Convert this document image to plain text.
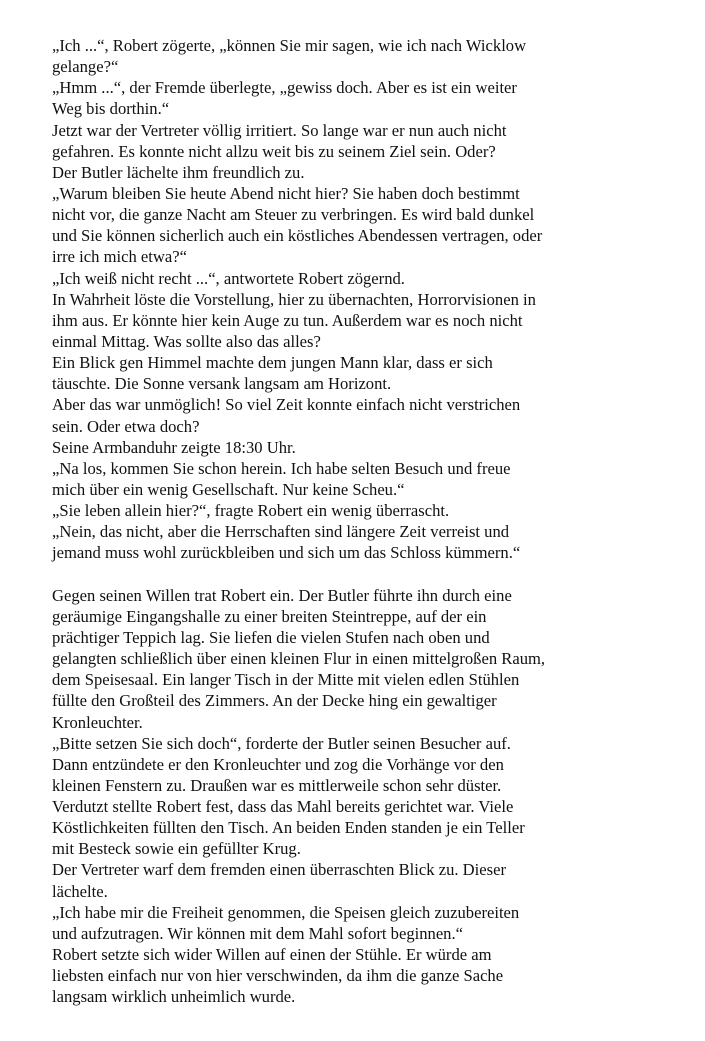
„Ich ...“, Robert zögerte, „können Sie mir sagen, wie ich nach Wicklow
gelange?“
„Hmm ...“, der Fremde überlegte, „gewiss doch. Aber es ist ein weiter
Weg bis dorthin.“
Jetzt war der Vertreter völlig irritiert. So lange war er nun auch nicht
gefahren. Es konnte nicht allzu weit bis zu seinem Ziel sein. Oder?
Der Butler lächelte ihm freundlich zu.
„Warum bleiben Sie heute Abend nicht hier? Sie haben doch bestimmt
nicht vor, die ganze Nacht am Steuer zu verbringen. Es wird bald dunkel
und Sie können sicherlich auch ein köstliches Abendessen vertragen, oder
irre ich mich etwa?“
„Ich weiß nicht recht ...“, antwortete Robert zögernd.
In Wahrheit löste die Vorstellung, hier zu übernachten, Horrorvisionen in
ihm aus. Er könnte hier kein Auge zu tun. Außerdem war es noch nicht
einmal Mittag. Was sollte also das alles?
Ein Blick gen Himmel machte dem jungen Mann klar, dass er sich
täuschte. Die Sonne versank langsam am Horizont.
Aber das war unmöglich! So viel Zeit konnte einfach nicht verstrichen
sein. Oder etwa doch?
Seine Armbanduhr zeigte 18:30 Uhr.
„Na los, kommen Sie schon herein. Ich habe selten Besuch und freue
mich über ein wenig Gesellschaft. Nur keine Scheu.“
„Sie leben allein hier?“, fragte Robert ein wenig überrascht.
„Nein, das nicht, aber die Herrschaften sind längere Zeit verreist und
jemand muss wohl zurückbleiben und sich um das Schloss kümmern.“
Gegen seinen Willen trat Robert ein. Der Butler führte ihn durch eine
geräumige Eingangshalle zu einer breiten Steintreppe, auf der ein
prächtiger Teppich lag. Sie liefen die vielen Stufen nach oben und
gelangten schließlich über einen kleinen Flur in einen mittelgroßen Raum,
dem Speisesaal. Ein langer Tisch in der Mitte mit vielen edlen Stühlen
füllte den Großteil des Zimmers. An der Decke hing ein gewaltiger
Kronleuchter.
„Bitte setzen Sie sich doch“, forderte der Butler seinen Besucher auf.
Dann entzündete er den Kronleuchter und zog die Vorhänge vor den
kleinen Fenstern zu. Draußen war es mittlerweile schon sehr düster.
Verdutzt stellte Robert fest, dass das Mahl bereits gerichtet war. Viele
Köstlichkeiten füllten den Tisch. An beiden Enden standen je ein Teller
mit Besteck sowie ein gefüllter Krug.
Der Vertreter warf dem fremden einen überraschten Blick zu. Dieser
lächelte.
„Ich habe mir die Freiheit genommen, die Speisen gleich zuzubereiten
und aufzutragen. Wir können mit dem Mahl sofort beginnen.“
Robert setzte sich wider Willen auf einen der Stühle. Er würde am
liebsten einfach nur von hier verschwinden, da ihm die ganze Sache
langsam wirklich unheimlich wurde.
